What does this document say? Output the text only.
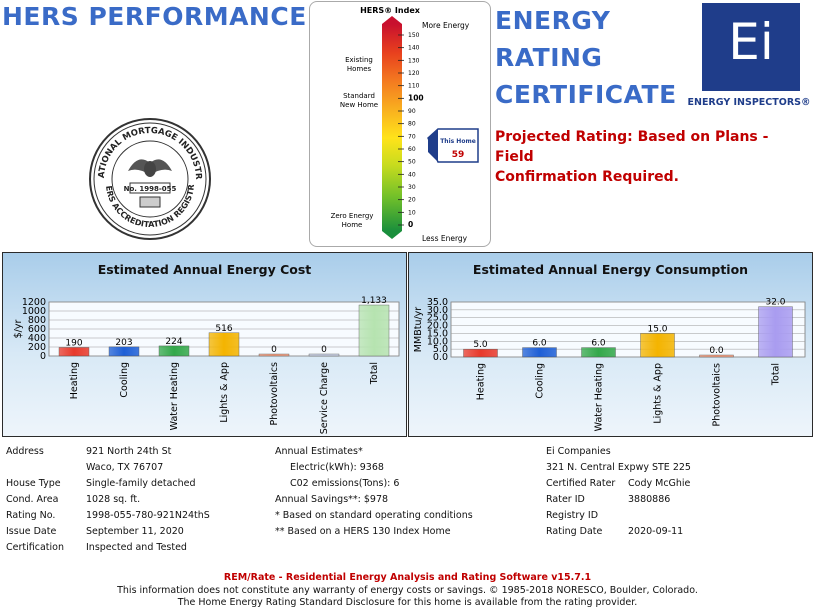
HERS PERFORMANCE	ENERGY
RATING
CERTIFICATE
Projected Rating: Based on Plans - Field
Confirmation Required.
Ei
ENERGY INSPECTORS®
ATIONAL MORTGAGE INDUSTR
ERS ACCREDITATION REGISTR
No. 1998-055
HERS® Index
More Energy
Less Energy
150
140
130
120
110
100
90
80
70
60
50
40
30
20
10
0
Existing
Homes
Standard
New Home
Zero Energy
Home
This Home
59
Estimated Annual Energy Cost
1200
1000
800
600
400
200
0
$/yr
190
Heating
203
Cooling
224
Water Heating
516
Lights & App
0
Photovoltaics
0
Service Charge
1,133
Total
Estimated Annual Energy Consumption
35.0
30.0
25.0
20.0
15.0
10.0
5.0
0.0
MMBtu/yr	5.0
Heating
6.0
Cooling
6.0
Water Heating
15.0
Lights & App
0.0
Photovoltaics
32.0
Total
Address	921 North 24th St
Waco, TX 76707
House Type	Single-family detached
Cond. Area	1028 sq. ft.
Rating No.	1998-055-780-921N24thS
Issue Date	September 11, 2020
Certification Inspected and Tested
Annual Estimates*
Electric(kWh): 9368
C02 emissions(Tons): 6
Annual Savings**: $978
* Based on standard operating conditions
** Based on a HERS 130 Index Home
Ei Companies
321 N. Central Expwy STE 225
Certified Rater Cody McGhie
Rater ID	3880886
Registry ID
Rating Date	2020-09-11
REM/Rate - Residential Energy Analysis and Rating Software v15.7.1
This information does not constitute any warranty of energy costs or savings. © 1985-2018 NORESCO, Boulder, Colorado.
The Home Energy Rating Standard Disclosure for this home is available from the rating provider.
